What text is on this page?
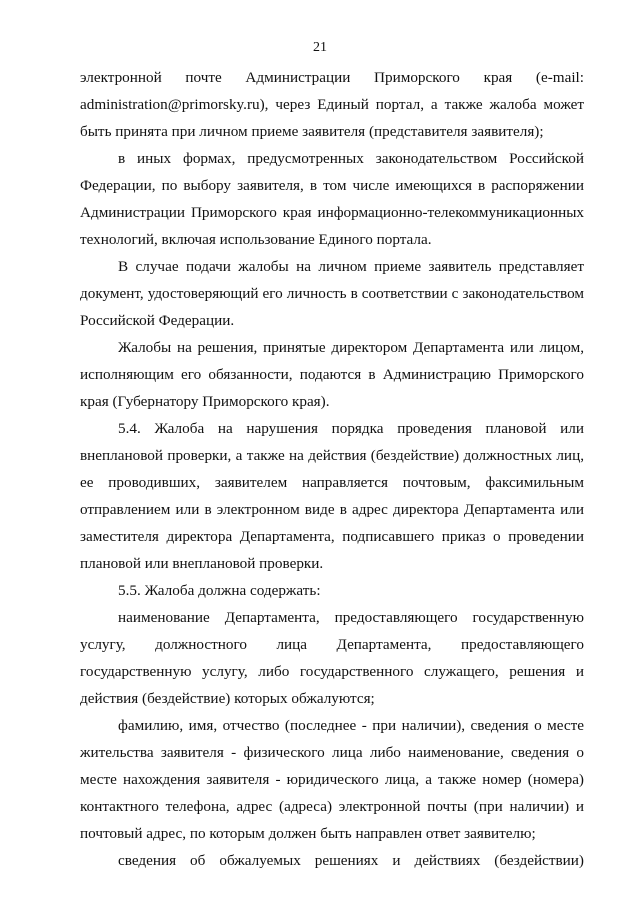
21

электронной почте Администрации Приморского края (e-mail: administration@primorsky.ru), через Единый портал, а также жалоба может быть принята при личном приеме заявителя (представителя заявителя);

в иных формах, предусмотренных законодательством Российской Федерации, по выбору заявителя, в том числе имеющихся в распоряжении Администрации Приморского края информационно-телекоммуникационных технологий, включая использование Единого портала.

В случае подачи жалобы на личном приеме заявитель представляет документ, удостоверяющий его личность в соответствии с законодательством Российской Федерации.

Жалобы на решения, принятые директором Департамента или лицом, исполняющим его обязанности, подаются в Администрацию Приморского края (Губернатору Приморского края).

5.4. Жалоба на нарушения порядка проведения плановой или внеплановой проверки, а также на действия (бездействие) должностных лиц, ее проводивших, заявителем направляется почтовым, факсимильным отправлением или в электронном виде в адрес директора Департамента или заместителя директора Департамента, подписавшего приказ о проведении плановой или внеплановой проверки.

5.5. Жалоба должна содержать:

наименование Департамента, предоставляющего государственную услугу, должностного лица Департамента, предоставляющего государственную услугу, либо государственного служащего, решения и действия (бездействие) которых обжалуются;

фамилию, имя, отчество (последнее - при наличии), сведения о месте жительства заявителя - физического лица либо наименование, сведения о месте нахождения заявителя - юридического лица, а также номер (номера) контактного телефона, адрес (адреса) электронной почты (при наличии) и почтовый адрес, по которым должен быть направлен ответ заявителю;

сведения об обжалуемых решениях и действиях (бездействии)
